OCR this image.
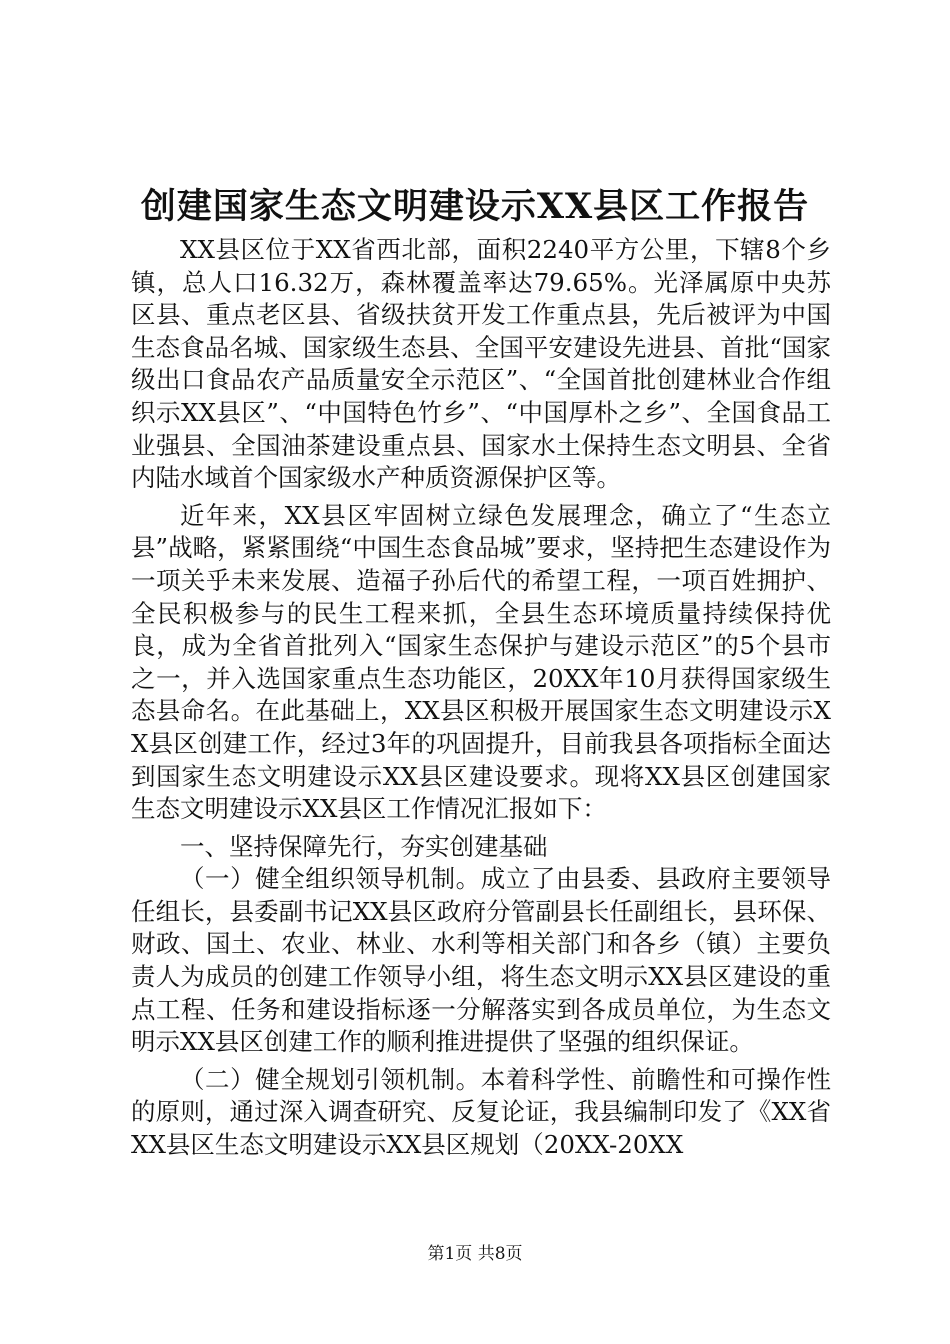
创建国家生态文明建设示XX县区工作报告

XX县区位于XX省西北部，面积2240平方公里，下辖8个乡镇，总人口16.32万，森林覆盖率达79.65%。光泽属原中央苏区县、重点老区县、省级扶贫开发工作重点县，先后被评为中国生态食品名城、国家级生态县、全国平安建设先进县、首批“国家级出口食品农产品质量安全示范区”、“全国首批创建林业合作组织示XX县区”、“中国特色竹乡”、“中国厚朴之乡”、全国食品工业强县、全国油茶建设重点县、国家水土保持生态文明县、全省内陆水域首个国家级水产种质资源保护区等。

近年来，XX县区牢固树立绿色发展理念，确立了“生态立县”战略，紧紧围绕“中国生态食品城”要求，坚持把生态建设作为一项关乎未来发展、造福子孙后代的希望工程，一项百姓拥护、全民积极参与的民生工程来抓，全县生态环境质量持续保持优良，成为全省首批列入“国家生态保护与建设示范区”的5个县市之一，并入选国家重点生态功能区，20XX年10月获得国家级生态县命名。在此基础上，XX县区积极开展国家生态文明建设示XX县区创建工作，经过3年的巩固提升，目前我县各项指标全面达到国家生态文明建设示XX县区建设要求。现将XX县区创建国家生态文明建设示XX县区工作情况汇报如下：

一、坚持保障先行，夯实创建基础

（一）健全组织领导机制。成立了由县委、县政府主要领导任组长，县委副书记XX县区政府分管副县长任副组长，县环保、财政、国土、农业、林业、水利等相关部门和各乡（镇）主要负责人为成员的创建工作领导小组，将生态文明示XX县区建设的重点工程、任务和建设指标逐一分解落实到各成员单位，为生态文明示XX县区创建工作的顺利推进提供了坚强的组织保证。

（二）健全规划引领机制。本着科学性、前瞻性和可操作性的原则，通过深入调查研究、反复论证，我县编制印发了《XX省XX县区生态文明建设示XX县区规划（20XX-20XX

第1页 共8页
